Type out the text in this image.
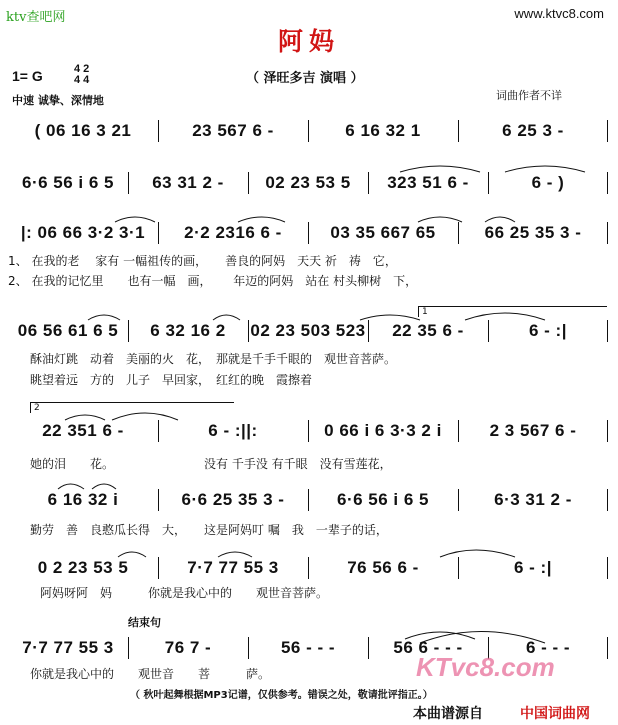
ktv查吧网	www.ktvc8.com
阿妈
1= G	4 2
4 4	（ 泽旺多吉 演唱 ）
中速 诚挚、深情地	词曲作者不详
( 06 16 3 21	23 567 6 -	6 16 32 1	6 25 3 -
6·6 56 i 6 5	63 31 2 -	02 23 53 5	323 51 6 -	6 - )
|: 06 66 3·2 3·1	2·2 2316 6 -	03 35 667 65	66 25 35 3 -
06 56 61 6 5	6 32 16 2	02 23 503 523	22 35 6 -	6 - :|
22 351 6 -	6 - :||:	0 66 i 6 3·3 2 i	2 3 567 6 -
6 16 32 i	6·6 25 35 3 -	6·6 56 i 6 5	6·3 31 2 -
0 2 23 53 5	7·7 77 55 3	76 56 6 -	6 - :|
7·7 77 55 3	76 7 -	56 - - -	56 6 - - -	6 - - -
1
2
结束句
1、 在我的老　 家有 一幅祖传的画，　　善良的阿妈　天天 祈　祷　它，
2、 在我的记忆里　　也有一幅　画，　　 年迈的阿妈　站在 村头柳树　下，
酥油灯跳　动着　美丽的火　花，　那就是千手千眼的　观世音菩萨。
眺望着远　方的　儿子　早回家，　红红的晚　霞擦着
她的泪　　花。　　　　　　　　没有 千手没 有千眼　没有雪莲花，
勤劳　善　良憨瓜长得　大，　　这是阿妈叮 嘱　我　一辈子的话，
阿妈呀阿　妈　　　你就是我心中的　　观世音菩萨。
你就是我心中的　　观世音　　菩　　　萨。	KTvc8.com
（ 秋叶起舞根据MP3记谱，仅供参考。错误之处，敬请批评指正。）
本曲谱源自	中国词曲网
